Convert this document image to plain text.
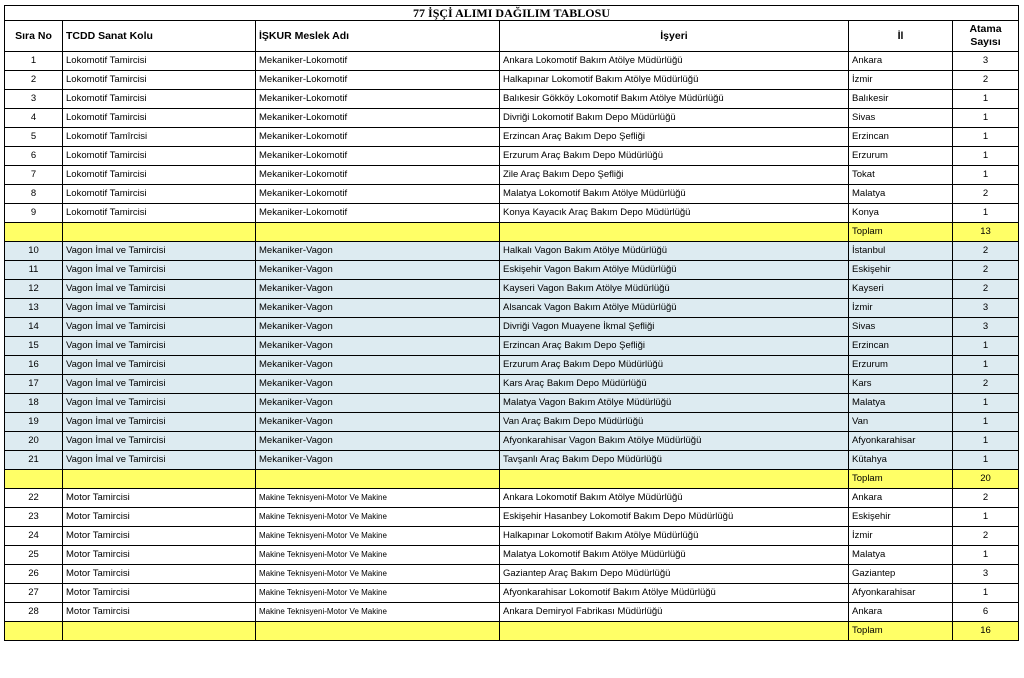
77 İŞÇİ ALIMI DAĞILIM TABLOSU					
Sıra No	TCDD Sanat Kolu	İŞKUR Meslek Adı	İşyeri	İl	Atama Sayısı
1	Lokomotif Tamircisi	Mekaniker-Lokomotif	Ankara Lokomotif Bakım Atölye Müdürlüğü	Ankara	3
2	Lokomotif Tamircisi	Mekaniker-Lokomotif	Halkapınar Lokomotif Bakım Atölye Müdürlüğü	İzmir	2
3	Lokomotif Tamircisi	Mekaniker-Lokomotif	Balıkesir Gökköy Lokomotif Bakım Atölye Müdürlüğü	Balıkesir	1
4	Lokomotif Tamircisi	Mekaniker-Lokomotif	Divriği Lokomotif Bakım Depo Müdürlüğü	Sivas	1
5	Lokomotif Tamîrcisi	Mekaniker-Lokomotif	Erzincan Araç Bakım Depo Şefliği	Erzincan	1
6	Lokomotif Tamircisi	Mekaniker-Lokomotif	Erzurum Araç Bakım Depo Müdürlüğü	Erzurum	1
7	Lokomotif Tamircisi	Mekaniker-Lokomotif	Zile Araç Bakım Depo Şefliği	Tokat	1
8	Lokomotif Tamircisi	Mekaniker-Lokomotif	Malatya Lokomotif Bakım Atölye Müdürlüğü	Malatya	2
9	Lokomotif Tamircisi	Mekaniker-Lokomotif	Konya Kayacık Araç Bakım Depo Müdürlüğü	Konya	1
				Toplam	13
10	Vagon İmal ve Tamircisi	Mekaniker-Vagon	Halkalı Vagon Bakım Atölye Müdürlüğü	İstanbul	2
11	Vagon İmal ve Tamircisi	Mekaniker-Vagon	Eskişehir Vagon Bakım Atölye Müdürlüğü	Eskişehir	2
12	Vagon İmal ve Tamircisi	Mekaniker-Vagon	Kayseri Vagon Bakım Atölye Müdürlüğü	Kayseri	2
13	Vagon İmal ve Tamircisi	Mekaniker-Vagon	Alsancak Vagon Bakım Atölye Müdürlüğü	İzmir	3
14	Vagon İmal ve Tamircisi	Mekaniker-Vagon	Divriği Vagon Muayene İkmal Şefliği	Sivas	3
15	Vagon İmal ve Tamircisi	Mekaniker-Vagon	Erzincan Araç Bakım Depo Şefliği	Erzincan	1
16	Vagon İmal ve Tamircisi	Mekaniker-Vagon	Erzurum Araç Bakım Depo Müdürlüğü	Erzurum	1
17	Vagon İmal ve Tamircisi	Mekaniker-Vagon	Kars Araç Bakım Depo Müdürlüğü	Kars	2
18	Vagon İmal ve Tamircisi	Mekaniker-Vagon	Malatya Vagon Bakım Atölye Müdürlüğü	Malatya	1
19	Vagon İmal ve Tamircisi	Mekaniker-Vagon	Van Araç Bakım Depo Müdürlüğü	Van	1
20	Vagon İmal ve Tamircisi	Mekaniker-Vagon	Afyonkarahisar Vagon Bakım Atölye Müdürlüğü	Afyonkarahisar	1
21	Vagon İmal ve Tamircisi	Mekaniker-Vagon	Tavşanlı Araç Bakım Depo Müdürlüğü	Kütahya	1
				Toplam	20
22	Motor Tamircisi	Makine Teknisyeni-Motor Ve Makine	Ankara Lokomotif Bakım Atölye Müdürlüğü	Ankara	2
23	Motor Tamircisi	Makine Teknisyeni-Motor Ve Makine	Eskişehir Hasanbey Lokomotif Bakım Depo Müdürlüğü	Eskişehir	1
24	Motor Tamircisi	Makine Teknisyeni-Motor Ve Makine	Halkapınar Lokomotif Bakım Atölye Müdürlüğü	İzmir	2
25	Motor Tamircisi	Makine Teknisyeni-Motor Ve Makine	Malatya Lokomotif Bakım Atölye Müdürlüğü	Malatya	1
26	Motor Tamircisi	Makine Teknisyeni-Motor Ve Makine	Gaziantep Araç Bakım Depo Müdürlüğü	Gaziantep	3
27	Motor Tamircisi	Makine Teknisyeni-Motor Ve Makine	Afyonkarahisar Lokomotif Bakım Atölye Müdürlüğü	Afyonkarahisar	1
28	Motor Tamircisi	Makine Teknisyeni-Motor Ve Makine	Ankara Demiryol Fabrikası Müdürlüğü	Ankara	6
				Toplam	16
